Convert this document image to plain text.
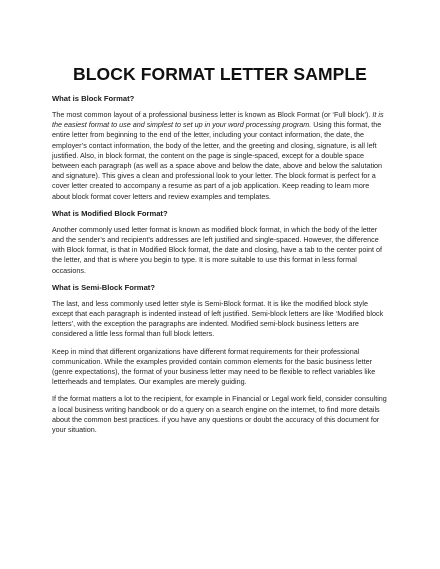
BLOCK FORMAT LETTER SAMPLE
What is Block Format?
The most common layout of a professional business letter is known as Block Format (or ‘Full block’). It is the easiest format to use and simplest to set up in your word processing program. Using this format, the entire letter from beginning to the end of the letter, including your contact information, the date, the employer’s contact information, the body of the letter, and the greeting and closing, signature, is all left justified. Also, in block format, the content on the page is single-spaced, except for a double space between each paragraph (as well as a space above and below the date, above and below the salutation and signature). This gives a clean and professional look to your letter. The block format is perfect for a cover letter created to accompany a resume as part of a job application. Keep reading to learn more about block format cover letters and review examples and templates.
What is Modified Block Format?
Another commonly used letter format is known as modified block format, in which the body of the letter and the sender’s and recipient’s addresses are left justified and single-spaced. However, the difference with Block format, is that in Modified Block format, the date and closing, have a tab to the center point of the letter, and that is where you begin to type. It is more suitable to use this format in less formal occasions.
What is Semi-Block Format?
The last, and less commonly used letter style is Semi-Block format. It is like the modified block style except that each paragraph is indented instead of left justified. Semi-block letters are like ‘Modified block letters’, with the exception the paragraphs are indented. Modified semi-block business letters are considered a little less formal than full block letters.
Keep in mind that different organizations have different format requirements for their professional communication. While the examples provided contain common elements for the basic business letter (genre expectations), the format of your business letter may need to be flexible to reflect variables like letterheads and templates. Our examples are merely guiding.
If the format matters a lot to the recipient, for example in Financial or Legal work field, consider consulting a local business writing handbook or do a query on a search engine on the internet, to find more details about the common best practices. if you have any questions or doubt the accuracy of this document for your situation.
